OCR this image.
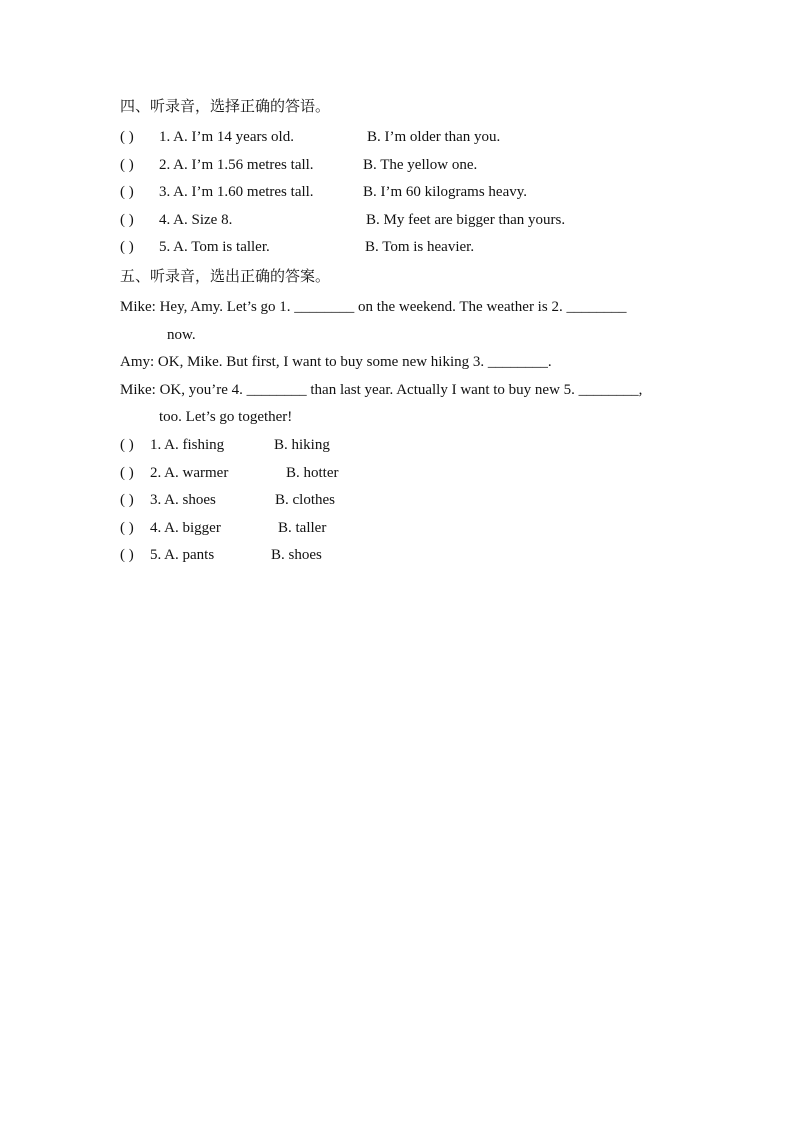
四、听录音，选择正确的答语。
( ) 1. A. I’m 14 years old.	B. I’m older than you.
( ) 2. A. I’m 1.56 metres tall.	B. The yellow one.
( ) 3. A. I’m 1.60 metres tall.	B. I’m 60 kilograms heavy.
( ) 4. A. Size 8.	B. My feet are bigger than yours.
( ) 5. A. Tom is taller.	B. Tom is heavier.
五、听录音，选出正确的答案。
Mike: Hey, Amy. Let’s go 1. ________ on the weekend. The weather is 2. ________
now.
Amy: OK, Mike. But first, I want to buy some new hiking 3. ________.
Mike: OK, you’re 4. ________ than last year. Actually I want to buy new 5. ________,
too. Let’s go together!
( ) 1. A. fishing	B. hiking
( ) 2. A. warmer	B. hotter
( ) 3. A. shoes	B. clothes
( ) 4. A. bigger	B. taller
( ) 5. A. pants	B. shoes
